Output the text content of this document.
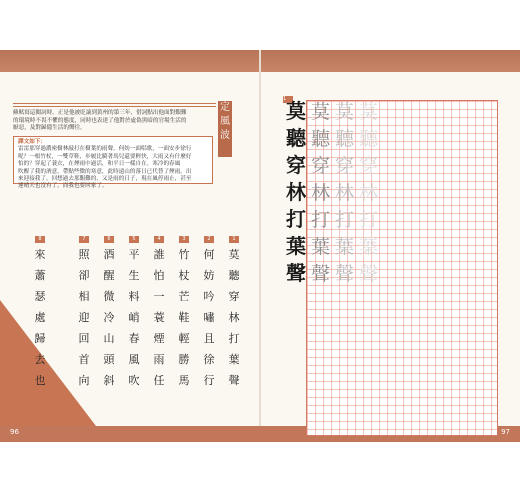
96	97
蘇軾寫這闋詞時，正是他被貶謫到黃州的第三年，借詞點出他面對艱難
的環境時不畏不懼的態度，同時也表達了他對於虛偽黑暗的官場生活的
厭惡，及對歸隱生活的嚮往。
譯文如下：
雷雷那穿過濃密樹林敲打在樹葉的雨聲，何妨一面唱歌，一面安步徐行
呢？一根竹杖，一雙草鞋，步履比騎著馬兒還要輕快，大雨又有什麼好
怕的？穿起了蓑衣，在煙雨中過活，和平日一樣自在。寒冷的春風
吹醒了我的酒意，帶點些微的寒意，此時遠山的落日已代替了煙雨。出
來迎接我了。回想過去那艱難的，又是雨的日子，現在風停雨止，甚至
連晴天也沒有了，而我也要回家了。
定
風
波
1
莫
聽
穿
林
打
葉
聲
2
何
妨
吟
嘯
且
徐
行
3
竹
杖
芒
鞋
輕
勝
馬
4
誰
怕
一
蓑
煙
雨
任
5
平
生
料
峭
春
風
吹
6
酒
醒
微
冷
山
頭
斜
7
照
卻
相
迎
回
首
向
8
來
蕭
瑟
處
歸
去
也
1 莫
聽
穿
林
打
葉
聲
莫莫莫
聽聽聽
穿穿穿
林林林
打打打
葉葉葉
聲聲聲
